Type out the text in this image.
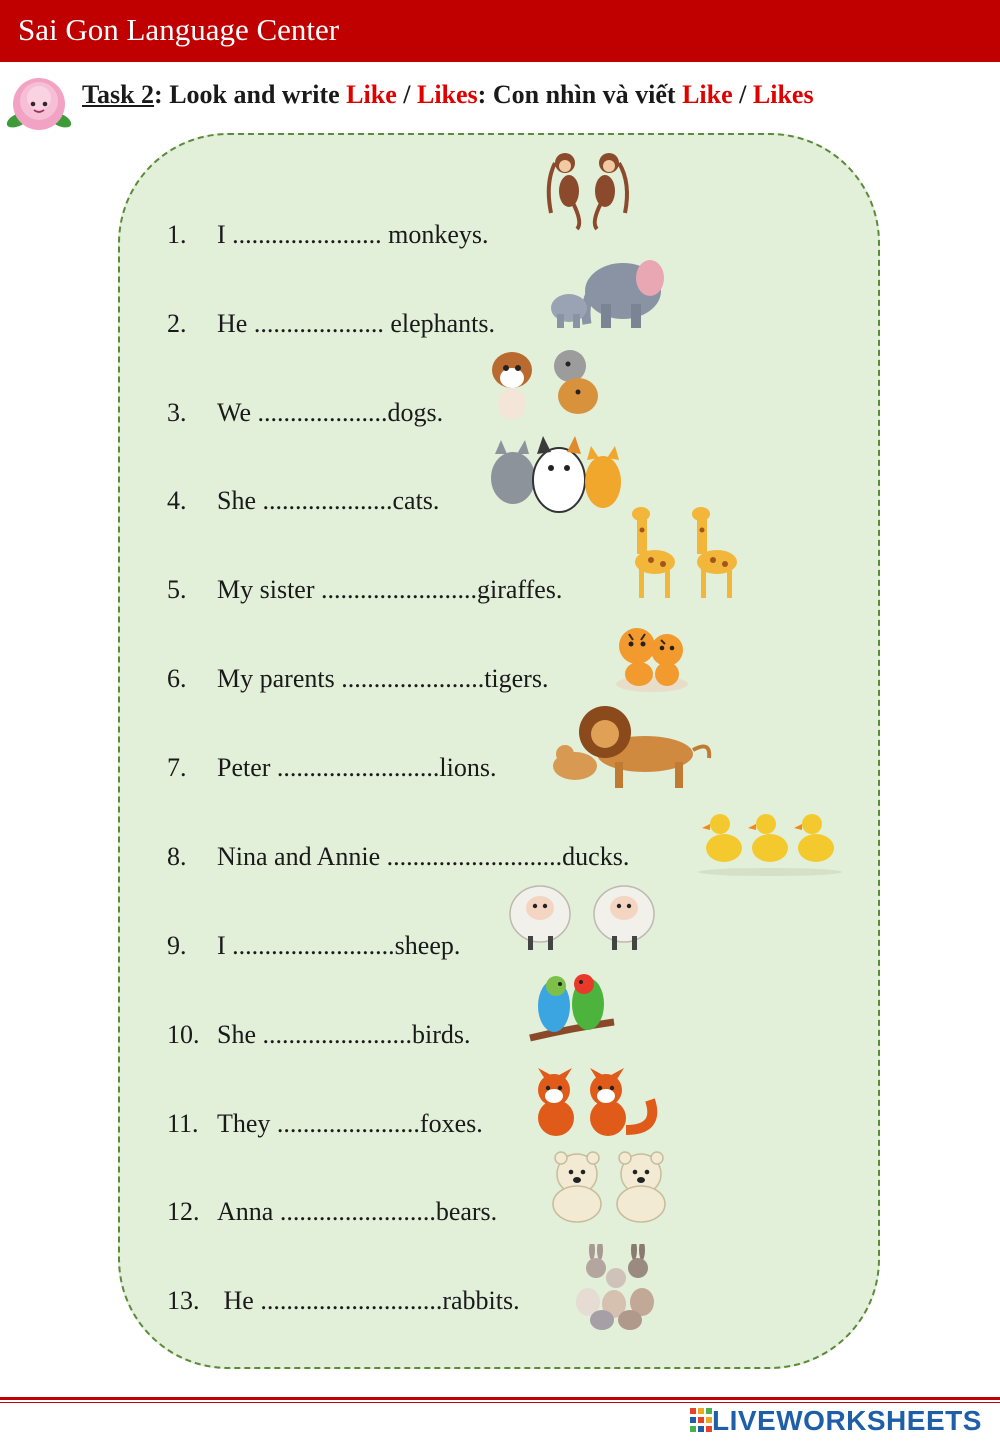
Sai Gon Language Center
Task 2: Look and write Like / Likes: Con nhìn và viết Like / Likes
1. I ....................... monkeys.
2. He .................... elephants.
3. We ....................dogs.
4. She ....................cats.
5. My sister ........................giraffes.
6. My parents ......................tigers.
7. Peter .........................lions.
8. Nina and Annie ...........................ducks.
9. I .........................sheep.
10. She .......................birds.
11. They ......................foxes.
12. Anna ........................bears.
13. He ............................rabbits.
LIVEWORKSHEETS
